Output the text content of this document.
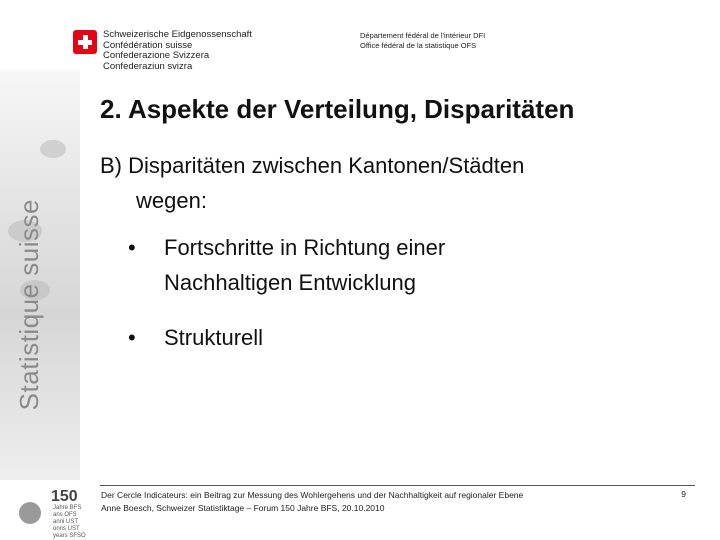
Statistique suisse
Schweizerische Eidgenossenschaft
Confédération suisse
Confederazione Svizzera
Confederaziun svizra
Département fédéral de l'intérieur DFI
Office fédéral de la statistique OFS
2. Aspekte der Verteilung, Disparitäten
B) Disparitäten zwischen Kantonen/Städten
wegen:
• Fortschritte in Richtung einer
Nachhaltigen Entwicklung
• Strukturell
150
Jahre BFS
ans OFS
anni UST
onns UST
years SFSO
Der Cercle Indicateurs: ein Beitrag zur Messung des Wohlergehens und der Nachhaltigkeit auf regionaler Ebene
Anne Boesch, Schweizer Statistiktage – Forum 150 Jahre BFS, 20.10.2010
9
